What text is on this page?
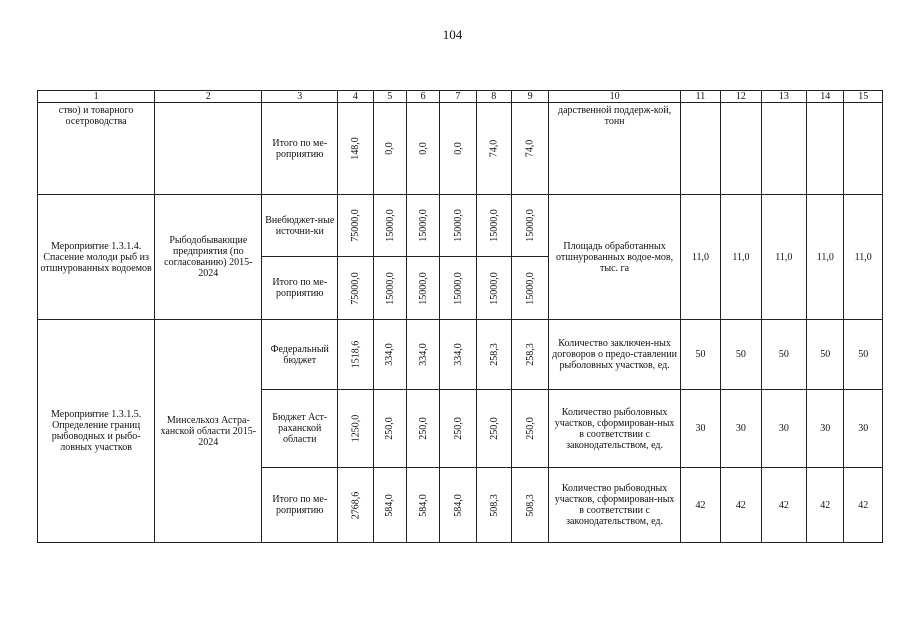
104
1	2	3	4	5	6	7	8	9	10	11	12	13	14	15
ство) и товарного осетроводства		Итого по ме-роприятию	148,0	0,0	0,0	0,0	74,0	74,0	дарственной поддерж-кой, тонн					
Мероприятие 1.3.1.4. Спасение молоди рыб из отшнурованных водоемов	Рыбодобывающие предприятия (по согласованию) 2015-2024	Внебюджет-ные источни-ки	75000,0	15000,0	15000,0	15000,0	15000,0	15000,0	Площадь обработанных отшнурованных водое-мов, тыс. га	11,0	11,0	11,0	11,0	11,0
		Итого по ме-роприятию	75000,0	15000,0	15000,0	15000,0	15000,0	15000,0						
Мероприятие 1.3.1.5. Определение границ рыбоводных и рыбо-ловных участков	Минсельхоз Астра-ханской области 2015-2024	Федеральный бюджет	1518,6	334,0	334,0	334,0	258,3	258,3	Количество заключен-ных договоров о предо-ставлении рыболовных участков, ед.	50	50	50	50	50
		Бюджет Аст-раханской области	1250,0	250,0	250,0	250,0	250,0	250,0	Количество рыболовных участков, сформирован-ных в соответствии с законодательством, ед.	30	30	30	30	30
		Итого по ме-роприятию	2768,6	584,0	584,0	584,0	508,3	508,3	Количество рыбоводных участков, сформирован-ных в соответствии с законодательством, ед.	42	42	42	42	42
